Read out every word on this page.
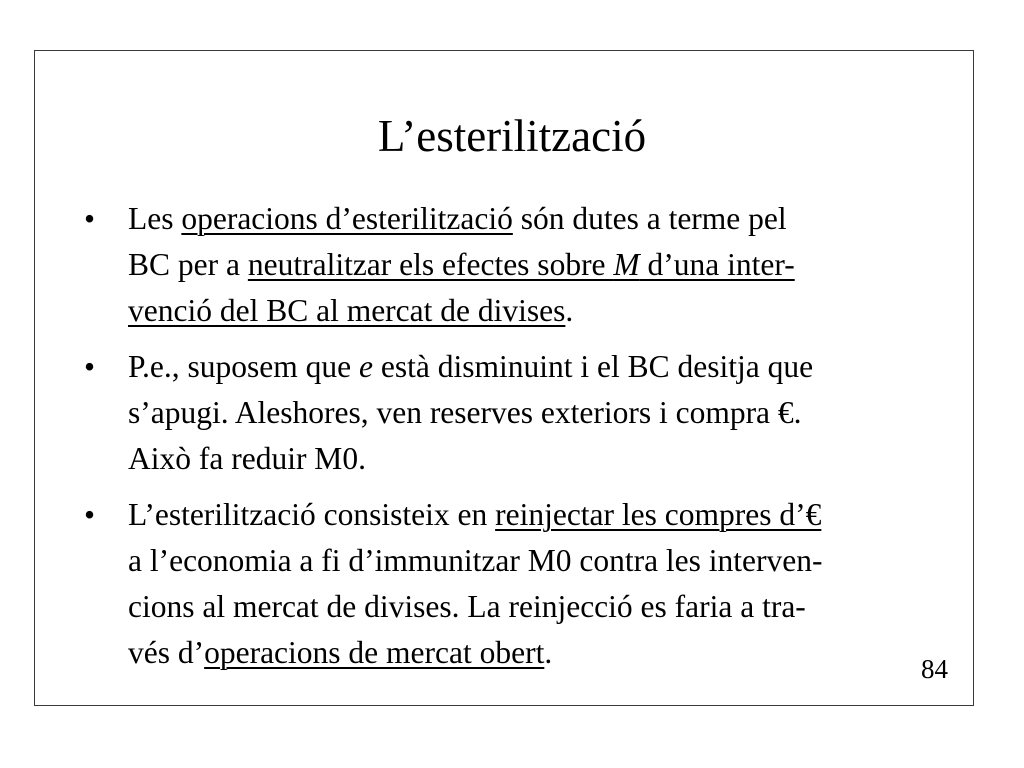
L’esterilització
• Les operacions d’esterilització són dutes a terme pel
BC per a neutralitzar els efectes sobre M d’una inter-
venció del BC al mercat de divises.
• P.e., suposem que e està disminuint i el BC desitja que
s’apugi. Aleshores, ven reserves exteriors i compra €.
Això fa reduir M0.
• L’esterilització consisteix en reinjectar les compres d’€
a l’economia a fi d’immunitzar M0 contra les interven-
cions al mercat de divises. La reinjecció es faria a tra-
vés d’operacions de mercat obert.	84
